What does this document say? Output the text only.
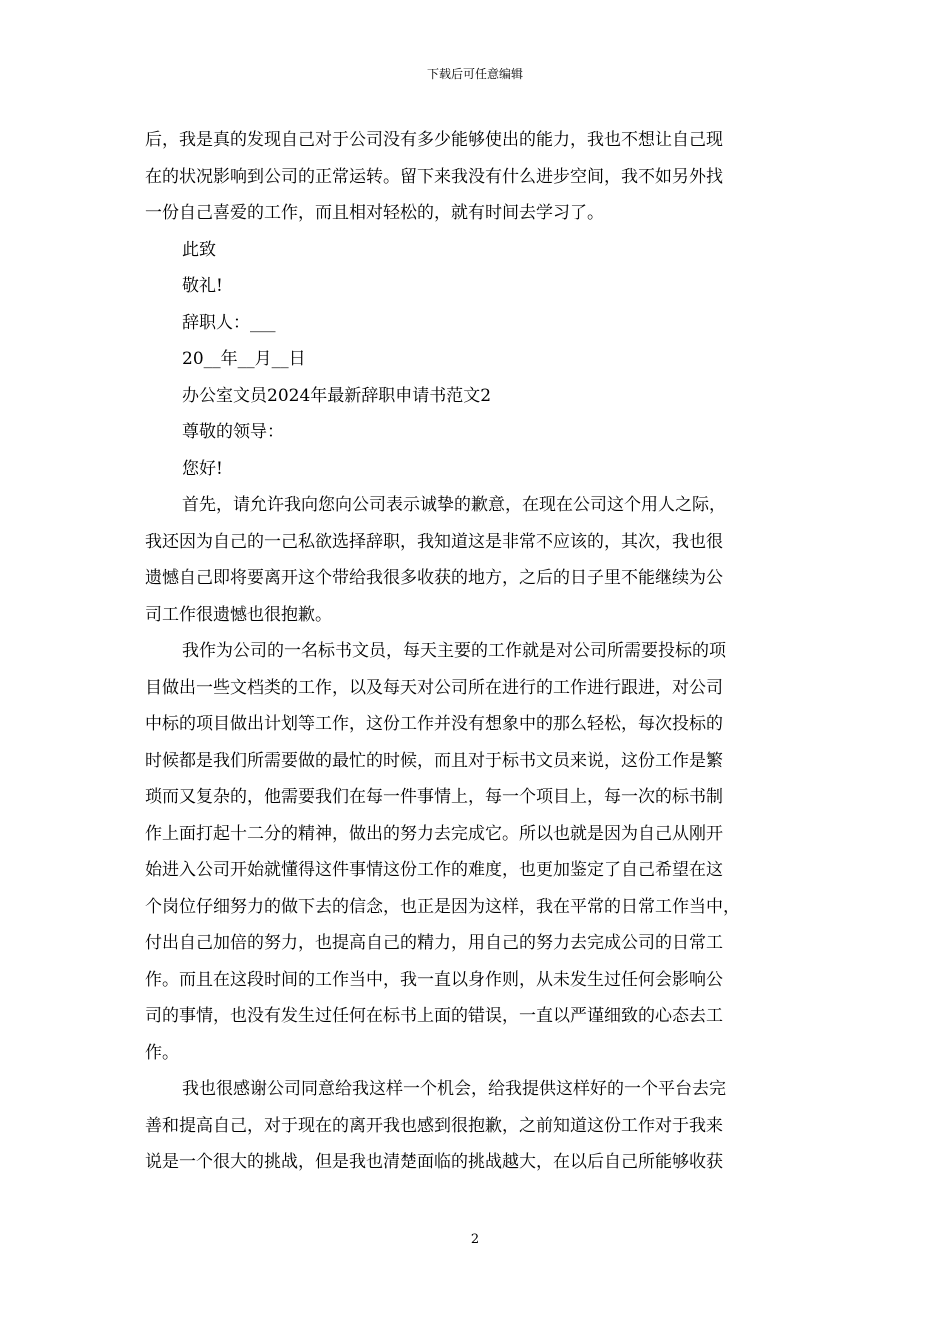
下载后可任意编辑
后，我是真的发现自己对于公司没有多少能够使出的能力，我也不想让自己现
在的状况影响到公司的正常运转。留下来我没有什么进步空间，我不如另外找
一份自己喜爱的工作，而且相对轻松的，就有时间去学习了。
此致
敬礼!
辞职人：___
20__年__月__日
办公室文员2024年最新辞职申请书范文2
尊敬的领导：
您好!
首先，请允许我向您向公司表示诚挚的歉意，在现在公司这个用人之际，
我还因为自己的一己私欲选择辞职，我知道这是非常不应该的，其次，我也很
遗憾自己即将要离开这个带给我很多收获的地方，之后的日子里不能继续为公
司工作很遗憾也很抱歉。
我作为公司的一名标书文员，每天主要的工作就是对公司所需要投标的项
目做出一些文档类的工作，以及每天对公司所在进行的工作进行跟进，对公司
中标的项目做出计划等工作，这份工作并没有想象中的那么轻松，每次投标的
时候都是我们所需要做的最忙的时候，而且对于标书文员来说，这份工作是繁
琐而又复杂的，他需要我们在每一件事情上，每一个项目上，每一次的标书制
作上面打起十二分的精神，做出的努力去完成它。所以也就是因为自己从刚开
始进入公司开始就懂得这件事情这份工作的难度，也更加鉴定了自己希望在这
个岗位仔细努力的做下去的信念，也正是因为这样，我在平常的日常工作当中，
付出自己加倍的努力，也提高自己的精力，用自己的努力去完成公司的日常工
作。而且在这段时间的工作当中，我一直以身作则，从未发生过任何会影响公
司的事情，也没有发生过任何在标书上面的错误，一直以严谨细致的心态去工
作。
我也很感谢公司同意给我这样一个机会，给我提供这样好的一个平台去完
善和提高自己，对于现在的离开我也感到很抱歉，之前知道这份工作对于我来
说是一个很大的挑战，但是我也清楚面临的挑战越大，在以后自己所能够收获
2
